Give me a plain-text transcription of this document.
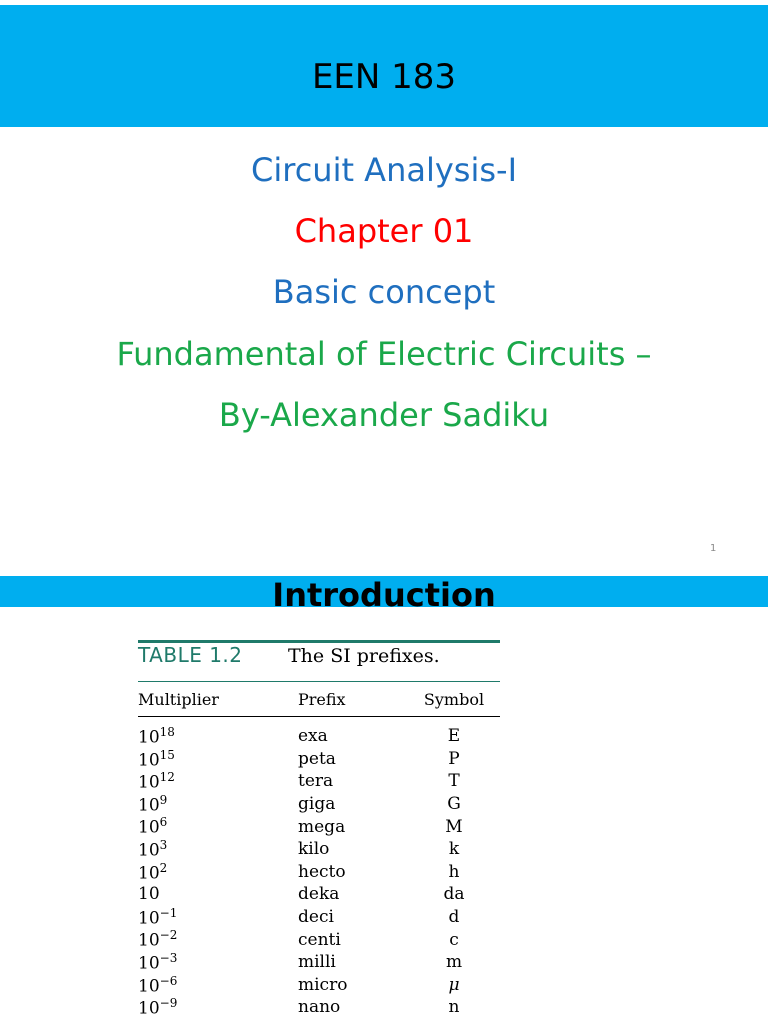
EEN 183
Circuit Analysis-I
Chapter 01
Basic concept
Fundamental of Electric Circuits –
By-Alexander Sadiku
1
Introduction
TABLE 1.2	The SI prefixes.
Multiplier	Prefix	Symbol
$10^{18}$	exa	E
$10^{15}$	peta	P
$10^{12}$	tera	T
$10^9$	giga	G
$10^6$	mega	M
$10^3$	kilo	k
$10^2$	hecto	h
10	deka	da
$10^{-1}$	deci	d
$10^{-2}$	centi	c
$10^{-3}$	milli	m
$10^{-6}$	micro	μ
$10^{-9}$	nano	n
